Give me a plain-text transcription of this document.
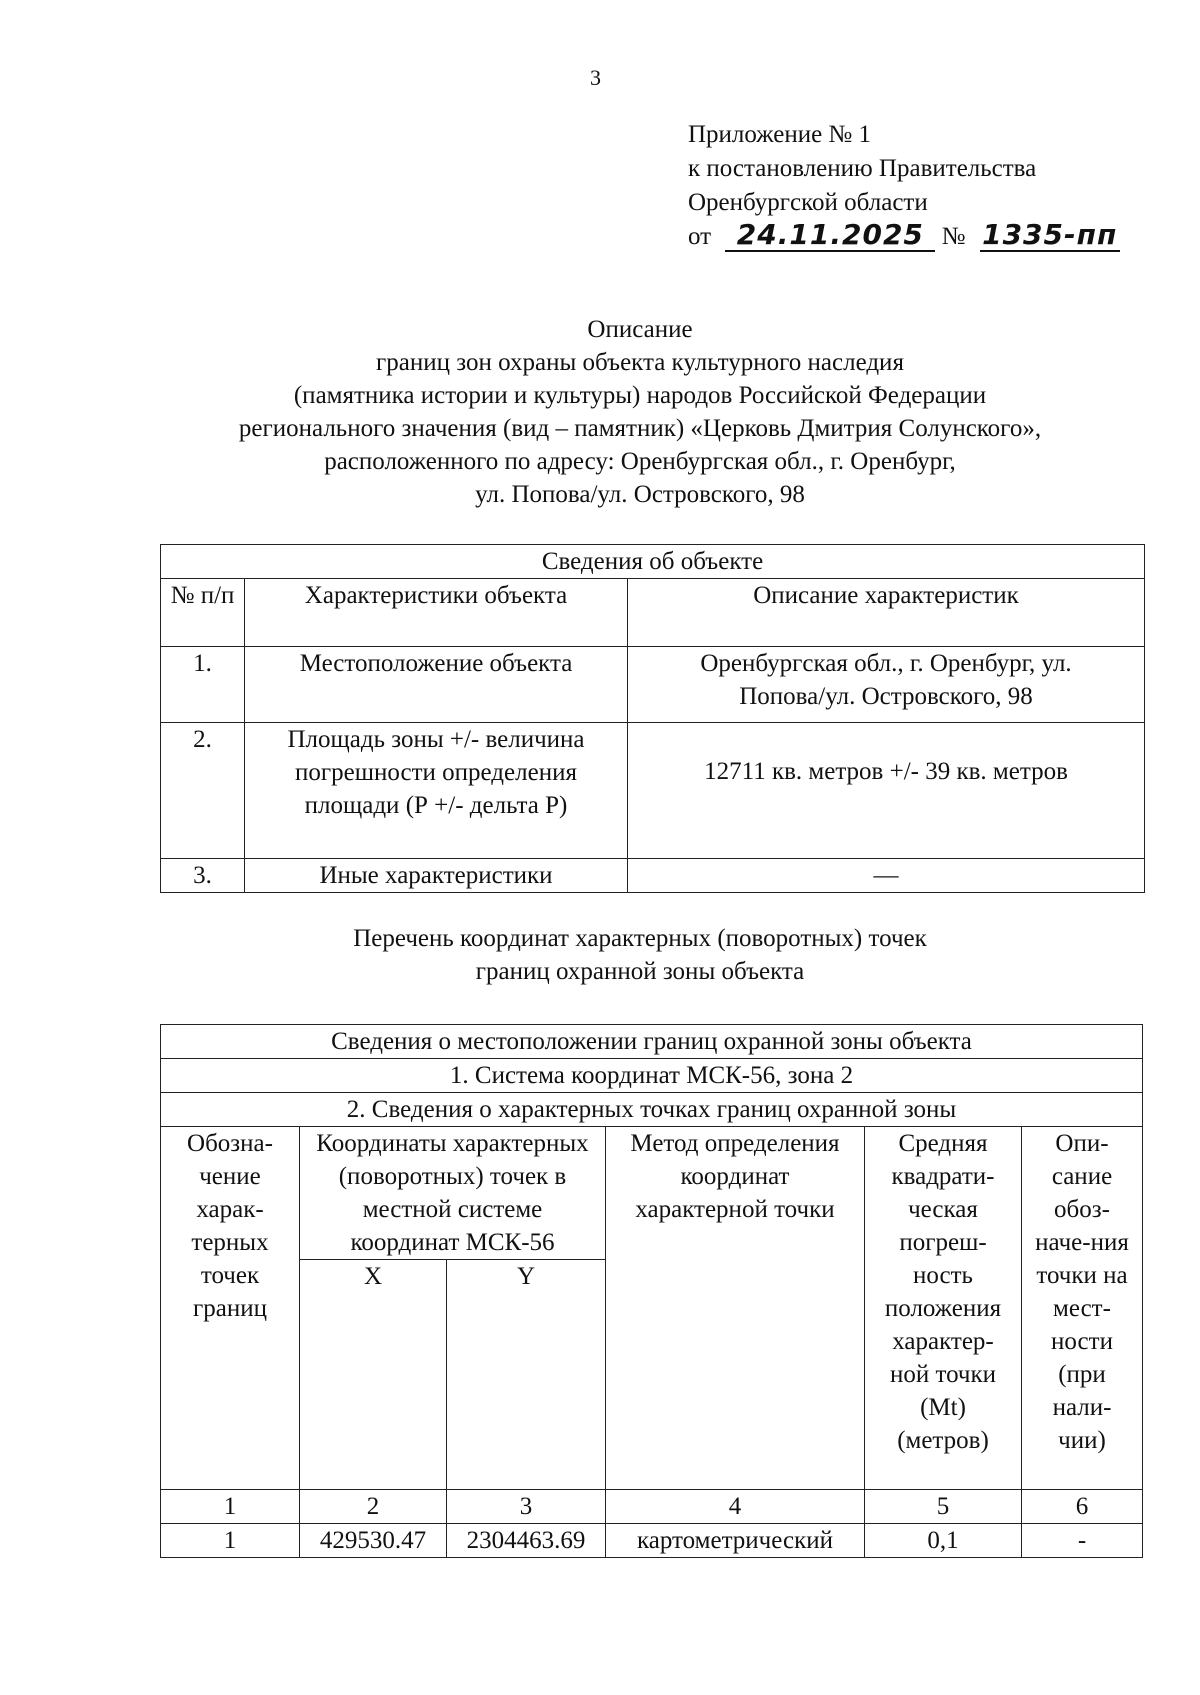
3
Приложение № 1
к постановлению Правительства
Оренбургской области
от 24.11.2025 № 1335-пп
Описание
границ зон охраны объекта культурного наследия
(памятника истории и культуры) народов Российской Федерации
регионального значения (вид – памятник) «Церковь Дмитрия Солунского»,
расположенного по адресу: Оренбургская обл., г. Оренбург,
ул. Попова/ул. Островского, 98
Сведения об объекте		
№ п/п	Характеристики объекта	Описание характеристик
1.	Местоположение объекта	Оренбургская обл., г. Оренбург, ул. Попова/ул. Островского, 98
2.	Площадь зоны +/- величина погрешности определения площади (Р +/- дельта Р)	12711 кв. метров +/- 39 кв. метров
3.	Иные характеристики	—
Перечень координат характерных (поворотных) точек
границ охранной зоны объекта
Сведения о местоположении границ охранной зоны объекта					
1. Система координат МСК-56, зона 2					
2. Сведения о характерных точках границ охранной зоны					
Обозна-чение харак-терных точек границ	Координаты характерных (поворотных) точек в местной системе координат МСК-56		Метод определения координат характерной точки	Средняя квадрати-ческая погреш-ность положения характер-ной точки (Mt) (метров)	Опи-сание обоз-наче-ния точки на мест-ности (при нали-чии)
	X	Y			
1	2	3	4	5	6
1	429530.47	2304463.69	картометрический	0,1	-
